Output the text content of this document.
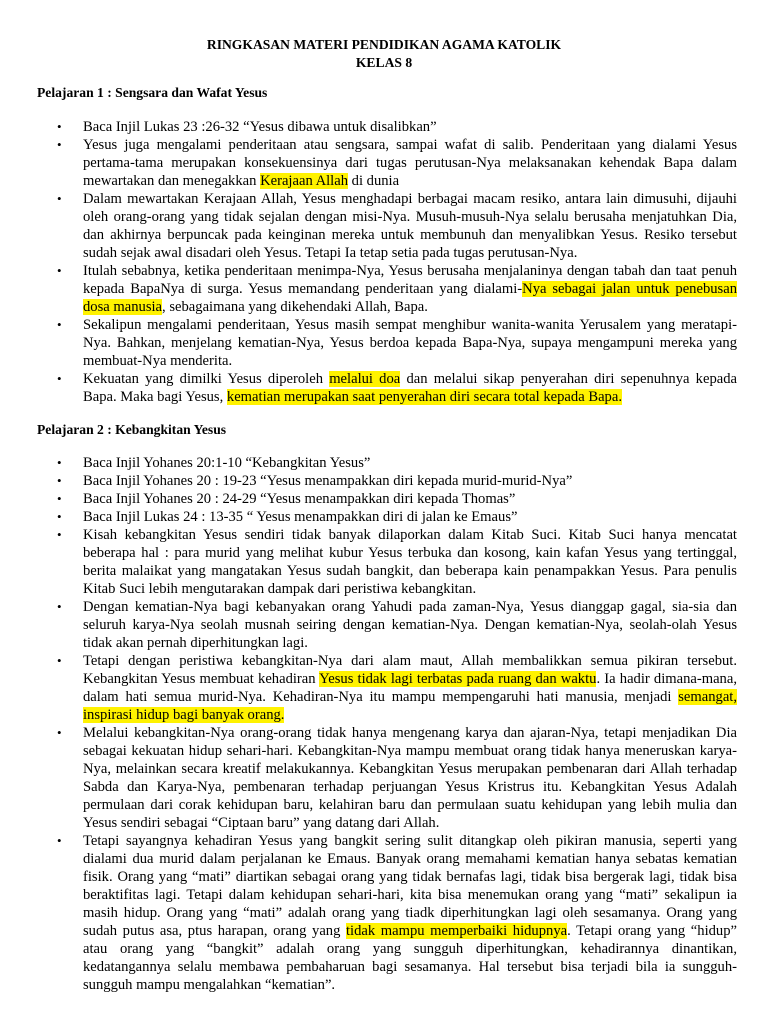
RINGKASAN MATERI PENDIDIKAN AGAMA KATOLIK
KELAS 8
Pelajaran 1 : Sengsara dan Wafat Yesus
• Baca Injil Lukas 23 :26-32 “Yesus dibawa untuk disalibkan”
• Yesus juga mengalami penderitaan atau sengsara, sampai wafat di salib. Penderitaan yang dialami Yesus pertama-tama merupakan konsekuensinya dari tugas perutusan-Nya melaksanakan kehendak Bapa dalam mewartakan dan menegakkan Kerajaan Allah di dunia
• Dalam mewartakan Kerajaan Allah, Yesus menghadapi berbagai macam resiko, antara lain dimusuhi, dijauhi oleh orang-orang yang tidak sejalan dengan misi-Nya. Musuh-musuh-Nya selalu berusaha menjatuhkan Dia, dan akhirnya berpuncak pada keinginan mereka untuk membunuh dan menyalibkan Yesus. Resiko tersebut sudah sejak awal disadari oleh Yesus. Tetapi Ia tetap setia pada tugas perutusan-Nya.
• Itulah sebabnya, ketika penderitaan menimpa-Nya, Yesus berusaha menjalaninya dengan tabah dan taat penuh kepada BapaNya di surga. Yesus memandang penderitaan yang dialami-Nya sebagai jalan untuk penebusan dosa manusia, sebagaimana yang dikehendaki Allah, Bapa.
• Sekalipun mengalami penderitaan, Yesus masih sempat menghibur wanita-wanita Yerusalem yang meratapi-Nya. Bahkan, menjelang kematian-Nya, Yesus berdoa kepada Bapa-Nya, supaya mengampuni mereka yang membuat-Nya menderita.
• Kekuatan yang dimilki Yesus diperoleh melalui doa dan melalui sikap penyerahan diri sepenuhnya kepada Bapa. Maka bagi Yesus, kematian merupakan saat penyerahan diri secara total kepada Bapa.
Pelajaran 2 : Kebangkitan Yesus
• Baca Injil Yohanes 20:1-10 “Kebangkitan Yesus”
• Baca Injil Yohanes 20 : 19-23 “Yesus menampakkan diri kepada murid-murid-Nya”
• Baca Injil Yohanes 20 : 24-29 “Yesus menampakkan diri kepada Thomas”
• Baca Injil Lukas 24 : 13-35 “ Yesus menampakkan diri di jalan ke Emaus”
• Kisah kebangkitan Yesus sendiri tidak banyak dilaporkan dalam Kitab Suci. Kitab Suci hanya mencatat beberapa hal : para murid yang melihat kubur Yesus terbuka dan kosong, kain kafan Yesus yang tertinggal, berita malaikat yang mangatakan Yesus sudah bangkit, dan beberapa kain penampakkan Yesus. Para penulis Kitab Suci lebih mengutarakan dampak dari peristiwa kebangkitan.
• Dengan kematian-Nya bagi kebanyakan orang Yahudi pada zaman-Nya, Yesus dianggap gagal, sia-sia dan seluruh karya-Nya seolah musnah seiring dengan kematian-Nya. Dengan kematian-Nya, seolah-olah Yesus tidak akan pernah diperhitungkan lagi.
• Tetapi dengan peristiwa kebangkitan-Nya dari alam maut, Allah membalikkan semua pikiran tersebut. Kebangkitan Yesus membuat kehadiran Yesus tidak lagi terbatas pada ruang dan waktu. Ia hadir dimana-mana, dalam hati semua murid-Nya. Kehadiran-Nya itu mampu mempengaruhi hati manusia, menjadi semangat, inspirasi hidup bagi banyak orang.
• Melalui kebangkitan-Nya orang-orang tidak hanya mengenang karya dan ajaran-Nya, tetapi menjadikan Dia sebagai kekuatan hidup sehari-hari. Kebangkitan-Nya mampu membuat orang tidak hanya meneruskan karya-Nya, melainkan secara kreatif melakukannya. Kebangkitan Yesus merupakan pembenaran dari Allah terhadap Sabda dan Karya-Nya, pembenaran terhadap perjuangan Yesus Kristrus itu. Kebangkitan Yesus Adalah permulaan dari corak kehidupan baru, kelahiran baru dan permulaan suatu kehidupan yang lebih mulia dan Yesus sendiri sebagai “Ciptaan baru” yang datang dari Allah.
• Tetapi sayangnya kehadiran Yesus yang bangkit sering sulit ditangkap oleh pikiran manusia, seperti yang dialami dua murid dalam perjalanan ke Emaus. Banyak orang memahami kematian hanya sebatas kematian fisik. Orang yang “mati” diartikan sebagai orang yang tidak bernafas lagi, tidak bisa bergerak lagi, tidak bisa beraktifitas lagi. Tetapi dalam kehidupan sehari-hari, kita bisa menemukan orang yang “mati” sekalipun ia masih hidup. Orang yang “mati” adalah orang yang tiadk diperhitungkan lagi oleh sesamanya. Orang yang sudah putus asa, ptus harapan, orang yang tidak mampu memperbaiki hidupnya. Tetapi orang yang “hidup” atau orang yang “bangkit” adalah orang yang sungguh diperhitungkan, kehadirannya dinantikan, kedatangannya selalu membawa pembaharuan bagi sesamanya. Hal tersebut bisa terjadi bila ia sungguh-sungguh mampu mengalahkan “kematian”.
